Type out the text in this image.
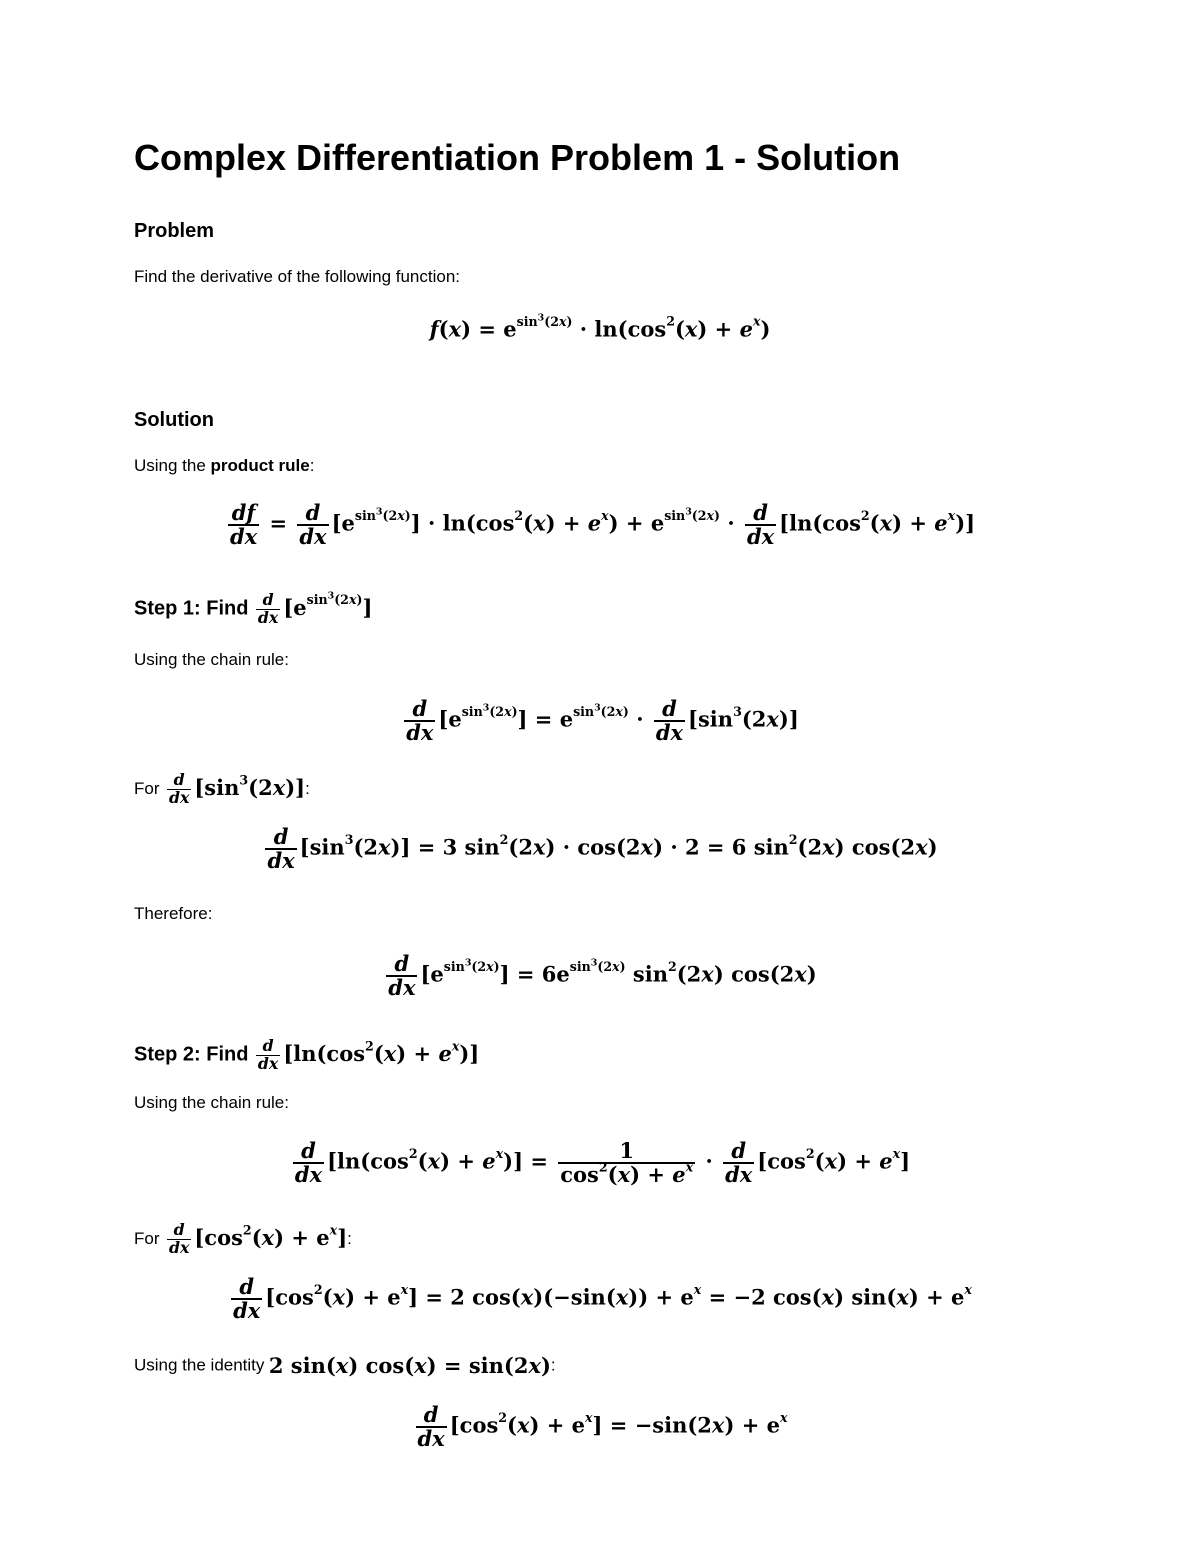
Complex Differentiation Problem 1 - Solution
Problem

Find the derivative of the following function:

$f(x) = e^{sin^3(2x)} \cdot \ln(\cos^2(x) + e^x)$
Solution

Using the product rule:

$\frac{df}{dx} = \frac{d}{dx} [e^{sin^3(2x)}] \cdot \ln(\cos^2(x) + e^x) + e^{sin^3(2x)} \cdot \frac{d}{dx} [\ln(\cos^2(x) + e^x)]$
Step 1: Find $\frac{d}{dx} [e^{sin^3(2x)}]$

Using the chain rule:

$\frac{d}{dx} [e^{sin^3(2x)}] = e^{sin^3(2x)} \cdot \frac{d}{dx} [\sin^3(2x)]$
For $\frac{d}{dx} [\sin^3(2x)]$:
$\frac{d}{dx} [\sin^3(2x)] = 3$ $\sin^2(2x) \cdot \cos(2x) \cdot 2 = 6$ $\sin^2(2x)$ cos(2x)

Therefore:

$\frac{d}{dx} [e^{sin^3(2x)}] = 6e^{sin^3(2x)}$ $\sin^2(2x)$ cos(2x)
Step 2: Find $\frac{d}{dx} [\ln(\cos^2(x) + e^x)]$

Using the chain rule:

$\frac{d}{dx} [\ln(\cos^2(x) + e^x)] = \frac{1}{\cos^2(x) + e^x} \cdot \frac{d}{dx} [\cos^2(x) + e^x]$
For $\frac{d}{dx} [\cos^2(x) + e^x]$:
$\frac{d}{dx} [\cos^2(x) + e^x] = 2$ $\cos(x)(-\sin(x)) + e^x = -2$ cos(x) $\sin(x) + e^x$
Using the identity 2 sin(x) cos(x) = sin(2x):
$\frac{d}{dx} [\cos^2(x) + e^x] = -\sin(2x) + e^x$
